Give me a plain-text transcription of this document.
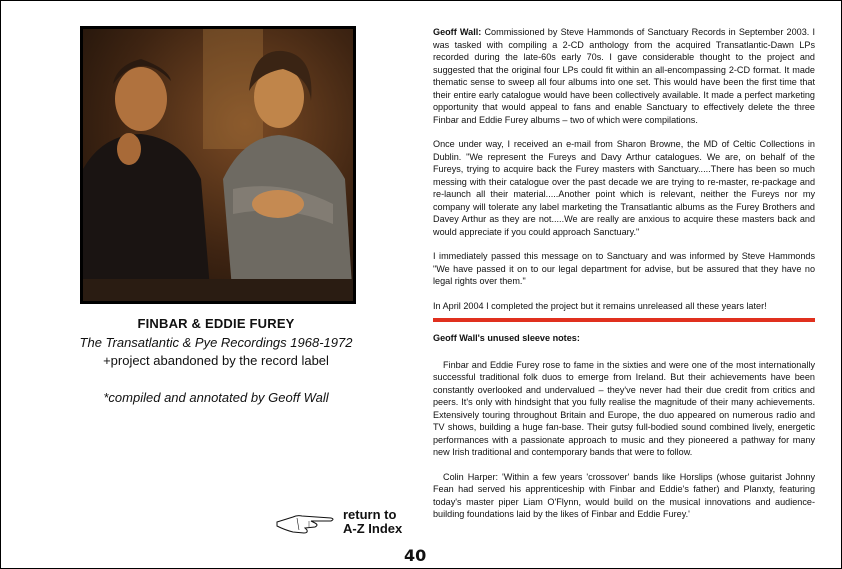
FINBAR & EDDIE FUREY
The Transatlantic & Pye Recordings 1968-1972
+project abandoned by the record label
*compiled and annotated by Geoff Wall
return to
A-Z Index
40

Geoff Wall: Commissioned by Steve Hammonds of Sanctuary Records in September 2003. I was tasked with compiling a 2-CD anthology from the acquired Transatlantic-Dawn LPs recorded during the late-60s early 70s. I gave considerable thought to the project and suggested that the original four LPs could fit within an all-encompassing 2-CD format. It made thematic sense to sweep all four albums into one set. This would have been the first time that their entire early catalogue would have been collectively available. It made a perfect marketing opportunity that would appeal to fans and enable Sanctuary to effectively delete the three Finbar and Eddie Furey albums – two of which were compilations.

Once under way, I received an e-mail from Sharon Browne, the MD of Celtic Collections in Dublin. "We represent the Fureys and Davy Arthur catalogues. We are, on behalf of the Fureys, trying to acquire back the Furey masters with Sanctuary.....There has been so much messing with their catalogue over the past decade we are trying to re-master, re-package and re-launch all their material.....Another point which is relevant, neither the Fureys nor my company will tolerate any label marketing the Transatlantic albums as the Furey Brothers and Davey Arthur as they are not.....We are really are anxious to acquire these masters back and would appreciate if you could approach Sanctuary."

I immediately passed this message on to Sanctuary and was informed by Steve Hammonds "We have passed it on to our legal department for advise, but be assured that they have no legal rights over them."

In April 2004 I completed the project but it remains unreleased all these years later!

Geoff Wall's unused sleeve notes:

Finbar and Eddie Furey rose to fame in the sixties and were one of the most internationally successful traditional folk duos to emerge from Ireland. But their achievements have been constantly overlooked and undervalued – they've never had their due credit from critics and peers. It's only with hindsight that you fully realise the magnitude of their many achievements. Extensively touring throughout Britain and Europe, the duo appeared on numerous radio and TV shows, building a huge fan-base. Their gutsy full-bodied sound combined lively, energetic performances with a passionate approach to music and they pioneered a pathway for many new Irish traditional and contemporary bands that were to follow.

Colin Harper: 'Within a few years 'crossover' bands like Horslips (whose guitarist Johnny Fean had served his apprenticeship with Finbar and Eddie's father) and Planxty, featuring today's master piper Liam O'Flynn, would build on the musical innovations and audience-building foundations laid by the likes of Finbar and Eddie Furey.'
